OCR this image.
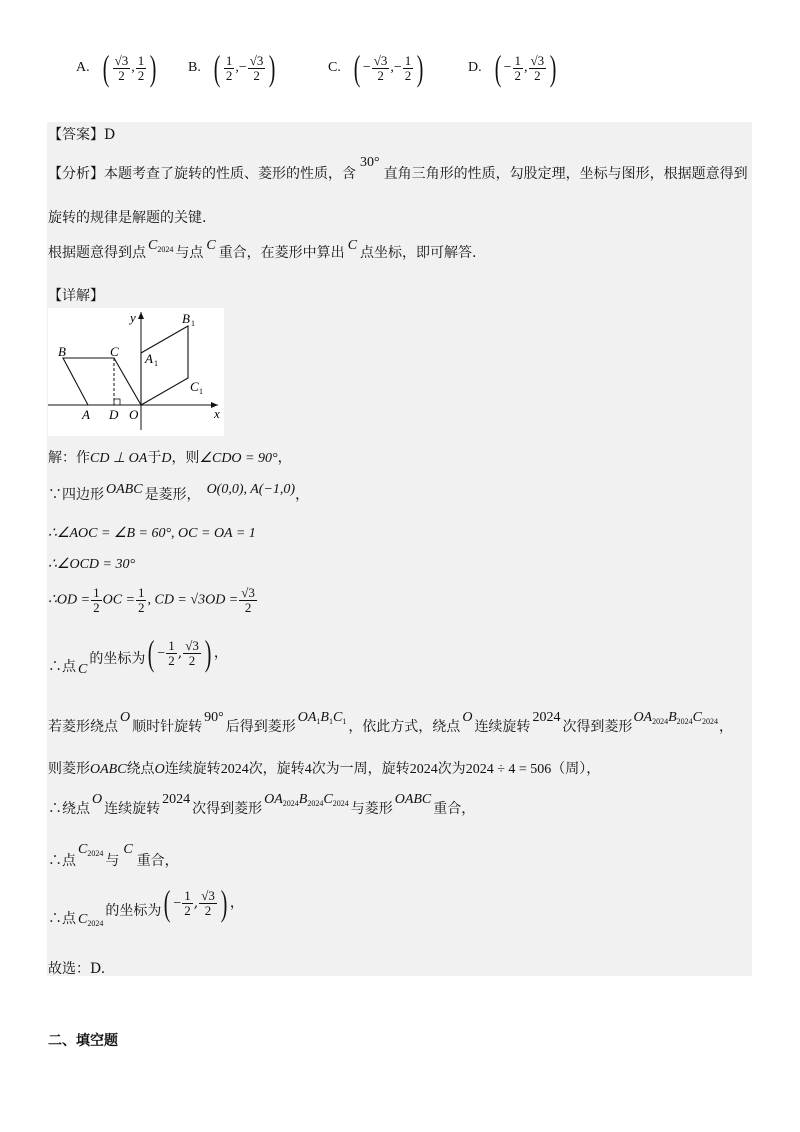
A. ( $\frac{√3}{2}$ , $\frac{1}{2}$ ) B. ( $\frac{1}{2}$ ,− $\frac{√3}{2}$ )	C. ( − $\frac{√3}{2}$ ,− $\frac{1}{2}$ )	D. ( − $\frac{1}{2}$ , $\frac{√3}{2}$ )
【答案】D
【分析】本题考查了旋转的性质、菱形的性质，含30°直角三角形的性质，勾股定理，坐标与图形，根据题意得到
旋转的规律是解题的关键.
根据题意得到点 $C_{2024}$ 与点 C 重合，在菱形中算出 C 点坐标，即可解答.
【详解】
y
x
B 1
A 1
C 1
B	C
A D O
解：作CD ⊥ OA于D，则∠CDO = 90°，
∵四边形 OABC 是菱形， O(0,0), A(−1,0)，
∴∠AOC = ∠B = 60°, OC = OA = 1
∴∠OCD = 30°
∴OD = $\frac{1}{2}$ OC = $\frac{1}{2}$ , CD = $√3OD = \frac{√3}{2}$
∴点 C的坐标为( − $\frac{1}{2}$ , $\frac{√3}{2}$ ) ，
若菱形绕点O顺时针旋转90°后得到菱形$OA_1B_1C_1$ ，依此方式，绕点O连续旋转2024次得到菱形$OA_{2024}B_{2024}C_{2024}$，
则菱形OABC绕点O连续旋转2024次，旋转4次为一周，旋转2024次为2024 ÷ 4 = 506（周），
∴绕点O连续旋转2024次得到菱形$OA_{2024}B_{2024}C_{2024}$ 与菱形OABC重合，
∴点$C_{2024}$ 与C重合，
∴点 $C_{2024}$的坐标为( − $\frac{1}{2}$ , $\frac{√3}{2}$ ) ，
故选：D.
二、填空题
